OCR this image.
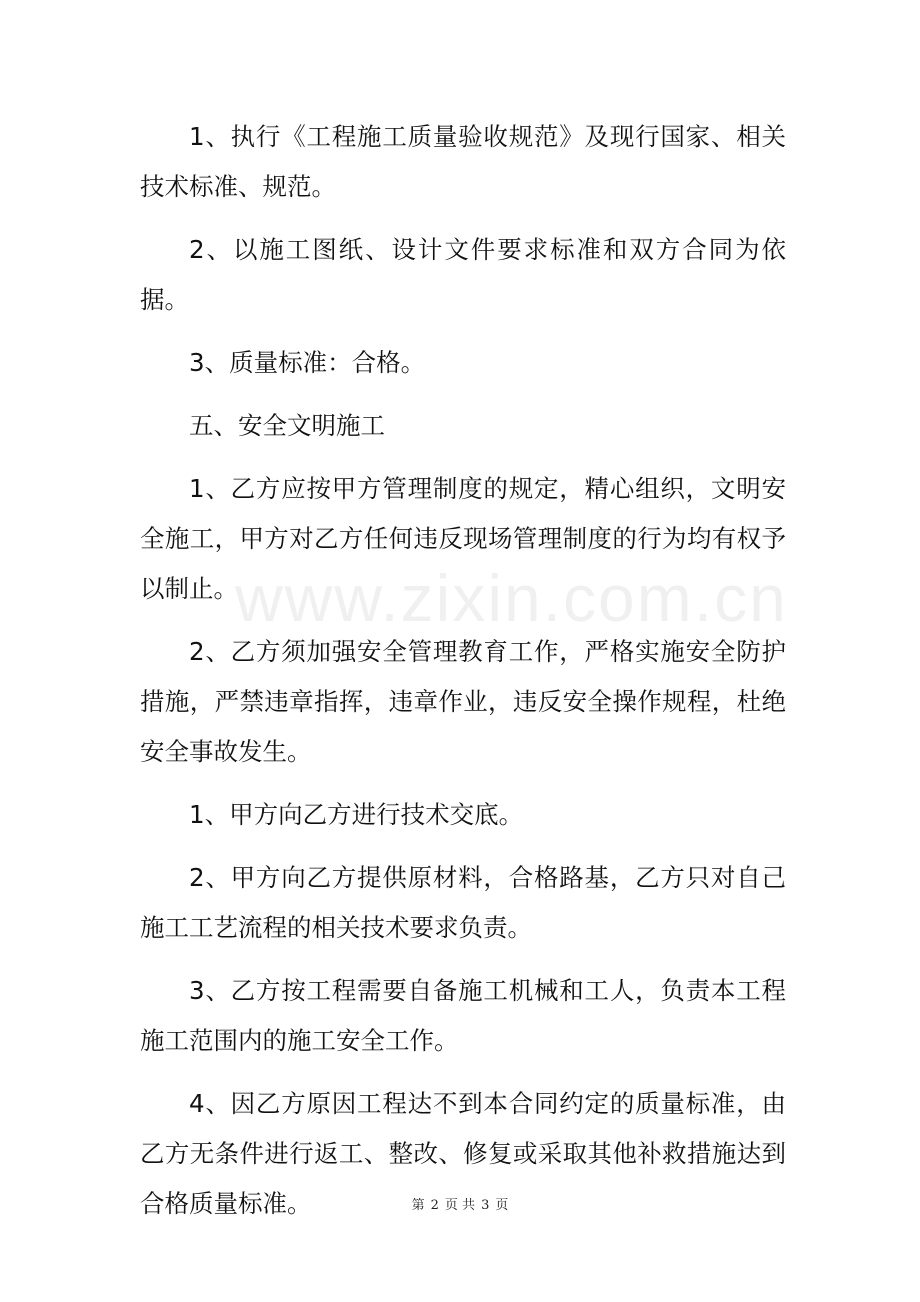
www.zixin.com.cn

1、执行《工程施工质量验收规范》及现行国家、相关技术标准、规范。

2、以施工图纸、设计文件要求标准和双方合同为依据。

3、质量标准：合格。

五、安全文明施工

1、乙方应按甲方管理制度的规定，精心组织，文明安全施工，甲方对乙方任何违反现场管理制度的行为均有权予以制止。

2、乙方须加强安全管理教育工作，严格实施安全防护措施，严禁违章指挥，违章作业，违反安全操作规程，杜绝安全事故发生。

1、甲方向乙方进行技术交底。

2、甲方向乙方提供原材料，合格路基，乙方只对自己施工工艺流程的相关技术要求负责。

3、乙方按工程需要自备施工机械和工人，负责本工程施工范围内的施工安全工作。

4、因乙方原因工程达不到本合同约定的质量标准，由乙方无条件进行返工、整改、修复或采取其他补救措施达到合格质量标准。	第 2 页 共 3 页
